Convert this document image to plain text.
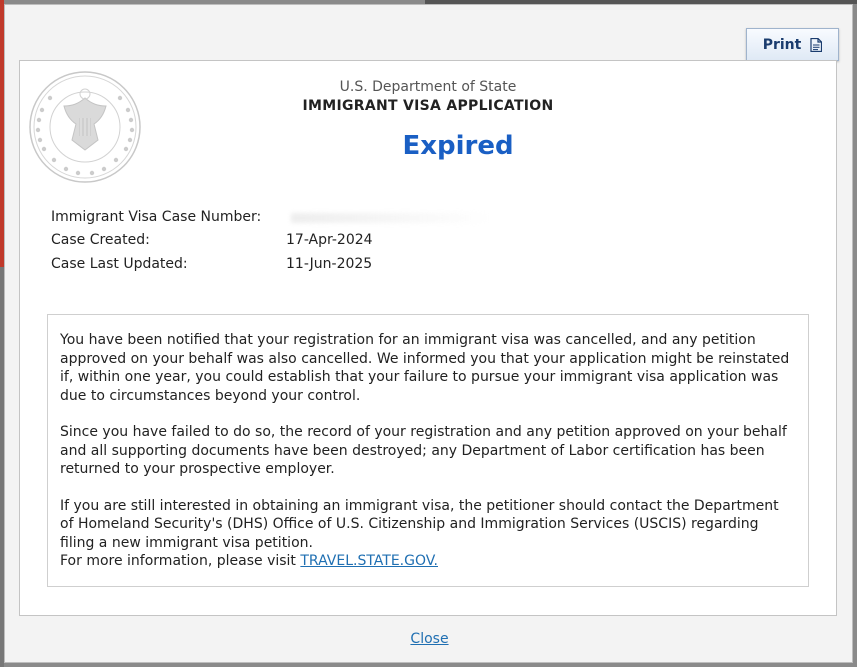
Print
U.S. Department of State
IMMIGRANT VISA APPLICATION
Expired
Immigrant Visa Case Number:
Case Created:	17-Apr-2024
Case Last Updated:	11-Jun-2025

You have been notified that your registration for an immigrant visa was cancelled, and any petition approved on your behalf was also cancelled. We informed you that your application might be reinstated if, within one year, you could establish that your failure to pursue your immigrant visa application was due to circumstances beyond your control.

Since you have failed to do so, the record of your registration and any petition approved on your behalf and all supporting documents have been destroyed; any Department of Labor certification has been returned to your prospective employer.

If you are still interested in obtaining an immigrant visa, the petitioner should contact the Department of Homeland Security's (DHS) Office of U.S. Citizenship and Immigration Services (USCIS) regarding filing a new immigrant visa petition.
For more information, please visit TRAVEL.STATE.GOV.

Close
